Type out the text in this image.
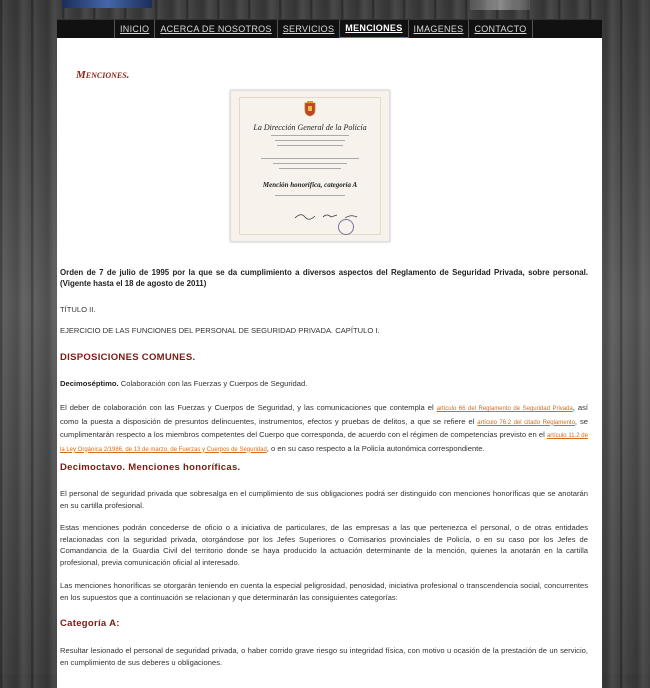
INICIO	ACERCA DE NOSOTROS	SERVICIOS	MENCIONES	IMAGENES	CONTACTO
Menciones.
La Dirección General de la Policía
Mención honorífica, categoría A
Orden de 7 de julio de 1995 por la que se da cumplimiento a diversos aspectos del Reglamento de Seguridad Privada, sobre personal. (Vigente hasta el 18 de agosto de 2011)
TÍTULO II.
EJERCICIO DE LAS FUNCIONES DEL PERSONAL DE SEGURIDAD PRIVADA. CAPÍTULO I.
DISPOSICIONES COMUNES.
Decimoséptimo. Colaboración con las Fuerzas y Cuerpos de Seguridad.
El deber de colaboración con las Fuerzas y Cuerpos de Seguridad, y las comunicaciones que contempla el artículo 66 del Reglamento de Seguridad Privada, así como la puesta a disposición de presuntos delincuentes, instrumentos, efectos y pruebas de delitos, a que se refiere el artículo 76.2 del citado Reglamento, se cumplimentarán respecto a los miembros competentes del Cuerpo que corresponda, de acuerdo con el régimen de competencias previsto en el artículo 11.2 de la Ley Orgánica 2/1986, de 13 de marzo, de Fuerzas y Cuerpos de Seguridad, o en su caso respecto a la Policía autonómica correspondiente.
Decimoctavo. Menciones honoríficas.
El personal de seguridad privada que sobresalga en el cumplimiento de sus obligaciones podrá ser distinguido con menciones honoríficas que se anotarán en su cartilla profesional.
Estas menciones podrán concederse de oficio o a iniciativa de particulares, de las empresas a las que pertenezca el personal, o de otras entidades relacionadas con la seguridad privada, otorgándose por los Jefes Superiores o Comisarios provinciales de Policía, o en su caso por los Jefes de Comandancia de la Guardia Civil del territorio donde se haya producido la actuación determinante de la mención, quienes la anotarán en la cartilla profesional, previa comunicación oficial al interesado.
Las menciones honoríficas se otorgarán teniendo en cuenta la especial peligrosidad, penosidad, iniciativa profesional o transcendencia social, concurrentes en los supuestos que a continuación se relacionan y que determinarán las consiguientes categorías:
Categoría A:
Resultar lesionado el personal de seguridad privada, o haber corrido grave riesgo su integridad física, con motivo u ocasión de la prestación de un servicio, en cumplimiento de sus deberes u obligaciones.
